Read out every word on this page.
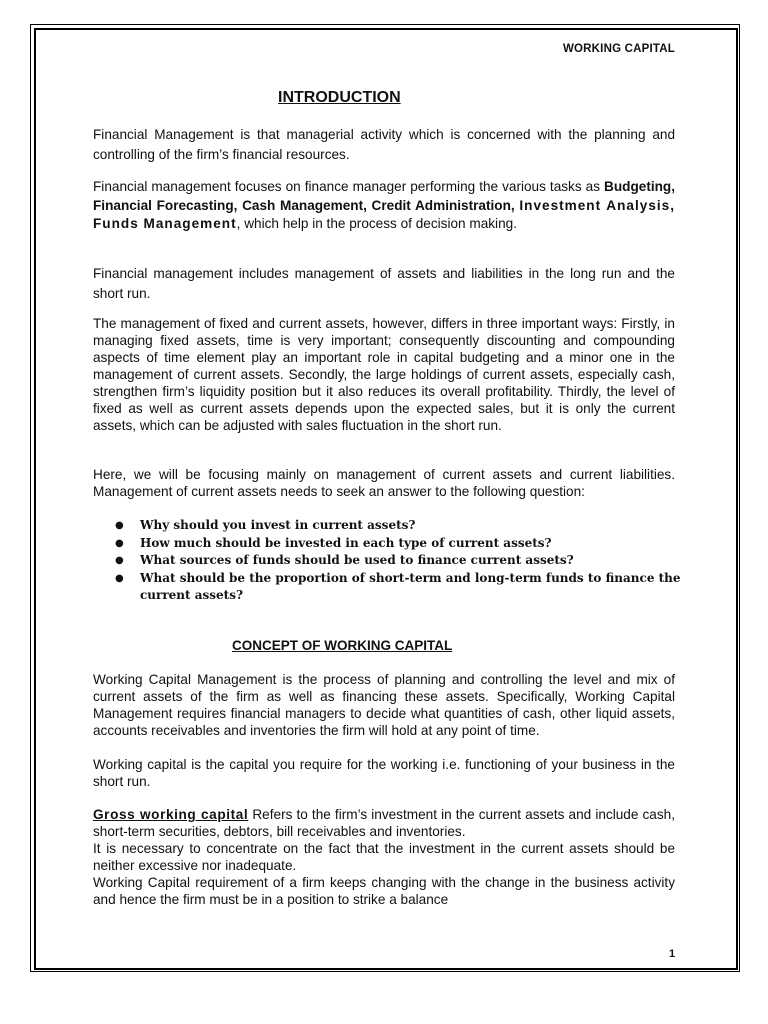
WORKING CAPITAL
INTRODUCTION
Financial Management is that managerial activity which is concerned with the planning and controlling of the firm’s financial resources.
Financial management focuses on finance manager performing the various tasks as Budgeting, Financial Forecasting, Cash Management, Credit Administration, Investment Analysis, Funds Management, which help in the process of decision making.
Financial management includes management of assets and liabilities in the long run and the short run.
The management of fixed and current assets, however, differs in three important ways: Firstly, in managing fixed assets, time is very important; consequently discounting and compounding aspects of time element play an important role in capital budgeting and a minor one in the management of current assets. Secondly, the large holdings of current assets, especially cash, strengthen firm’s liquidity position but it also reduces its overall profitability. Thirdly, the level of fixed as well as current assets depends upon the expected sales, but it is only the current assets, which can be adjusted with sales fluctuation in the short run.
Here, we will be focusing mainly on management of current assets and current liabilities. Management of current assets needs to seek an answer to the following question:
● Why should you invest in current assets?
● How much should be invested in each type of current assets?
● What sources of funds should be used to finance current assets?
● What should be the proportion of short-term and long-term funds to finance the current assets?
CONCEPT OF WORKING CAPITAL
Working Capital Management is the process of planning and controlling the level and mix of current assets of the firm as well as financing these assets. Specifically, Working Capital Management requires financial managers to decide what quantities of cash, other liquid assets, accounts receivables and inventories the firm will hold at any point of time.
Working capital is the capital you require for the working i.e. functioning of your business in the short run.
Gross working capital Refers to the firm’s investment in the current assets and include cash, short-term securities, debtors, bill receivables and inventories.
It is necessary to concentrate on the fact that the investment in the current assets should be neither excessive nor inadequate.
Working Capital requirement of a firm keeps changing with the change in the business activity and hence the firm must be in a position to strike a balance
1
